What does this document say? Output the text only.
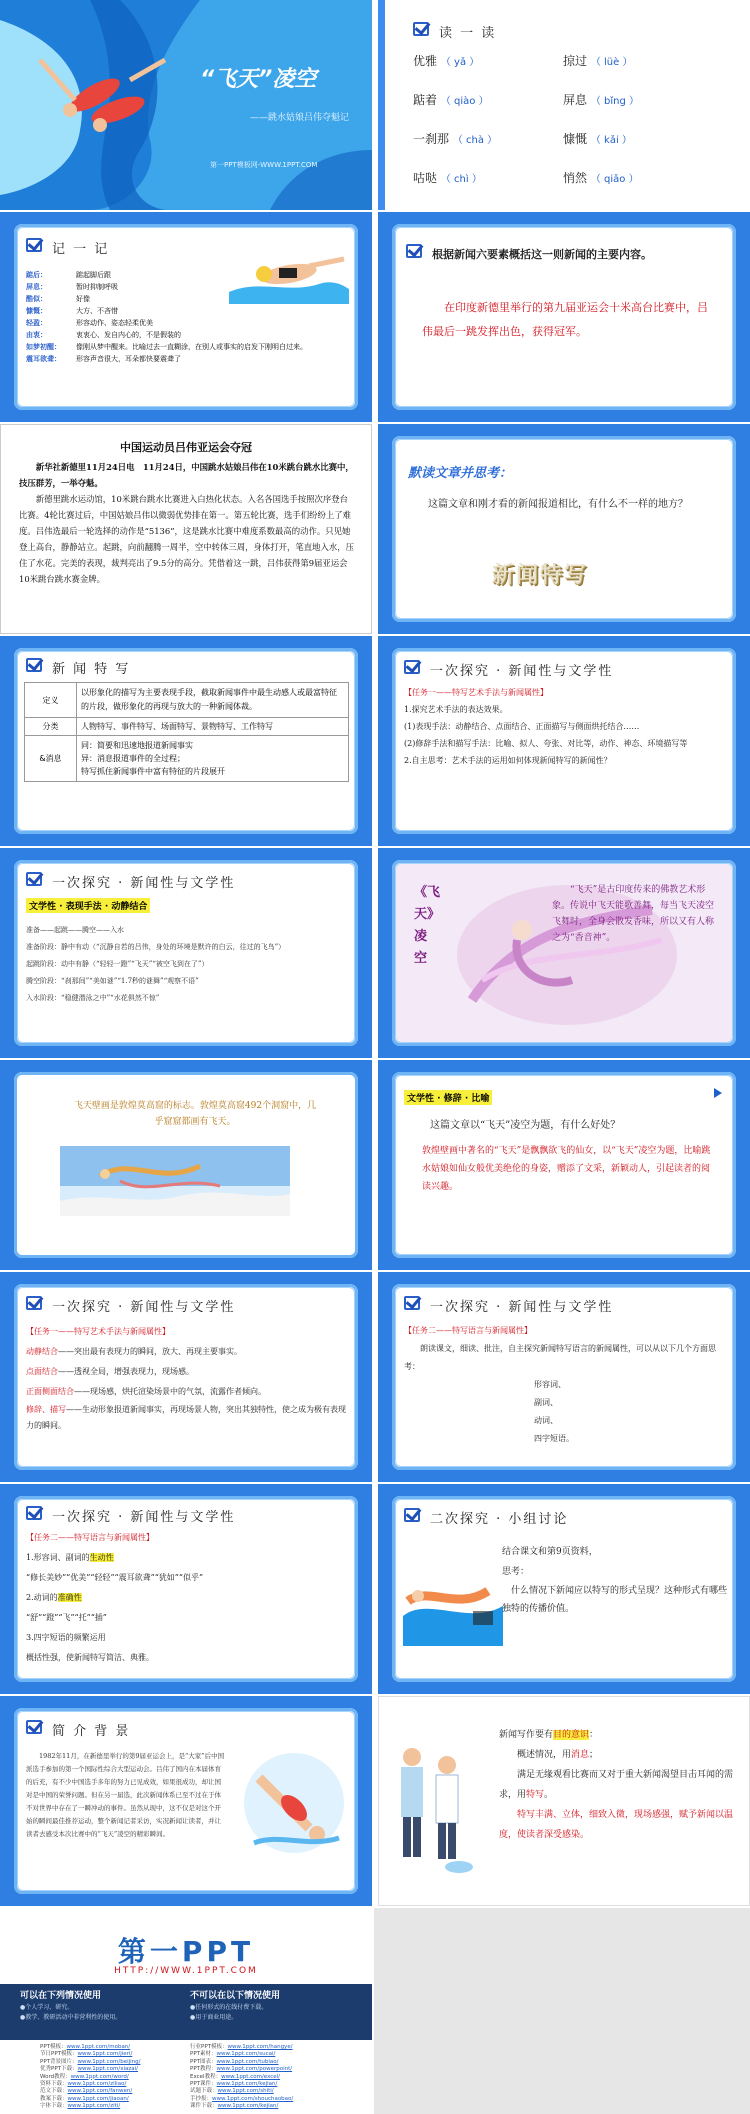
“飞天”凌空
——跳水姑娘吕伟夺魁记
第一PPT模板网-WWW.1PPT.COM
读 一 读
优雅 （ yǎ ）	掠过 （ lüè ）
踮着 （ qiào ）	屏息 （ bǐng ）
一刹那 （ chà ）	慷慨 （ kǎi ）
咕哒 （ chì ）	悄然 （ qiǎo ）
记 一 记
踮后：	踮起脚后跟
屏息：	暂时抑制呼吸
酷似：	好像
慷慨：	大方、不吝惜
轻盈：	形容动作、姿态轻柔优美
由衷：	衷衷心、发自内心的，不是假装的
如梦初醒：	像刚从梦中醒来。比喻过去一直糊涂，在别人或事实的启发下刚明白过来。
震耳欲聋：	形容声音很大，耳朵都快要震聋了
根据新闻六要素概括这一则新闻的主要内容。
在印度新德里举行的第九届亚运会十米高台比赛中，吕伟最后一跳发挥出色，获得冠军。
中国运动员吕伟亚运会夺冠

新华社新德里11月24日电　11月24日，中国跳水姑娘吕伟在10米跳台跳水比赛中，技压群芳，一举夺魁。

新德里跳水运动馆，10米跳台跳水比赛进入白热化状态。入名各国选手按照次序登台比赛。4轮比赛过后，中国姑娘吕伟以微弱优势排在第一。第五轮比赛，选手们纷纷上了难度。吕伟选最后一轮选择的动作是“5136”，这是跳水比赛中难度系数最高的动作。只见她登上高台，静静站立。起跳，向前翻腾一周半，空中转体三周，身体打开，笔直地入水，压住了水花。完美的表现，裁判亮出了9.5分的高分。凭借着这一跳，吕伟获得第9届亚运会10米跳台跳水赛金牌。

默读文章并思考：
这篇文章和刚才看的新闻报道相比，有什么不一样的地方？
新闻特写
新 闻 特 写
定义	以形象化的描写为主要表现手段，截取新闻事件中最生动感人或最富特征的片段，做形象化的再现与放大的一种新闻体裁。
分类	人物特写、事件特写、场面特写、景物特写、工作特写
&消息	同：简要和迅速地报道新闻事实
异：消息报道事件的全过程；
特写抓住新闻事件中富有特征的片段展开
一次探究 · 新闻性与文学性
【任务一——特写艺术手法与新闻属性】
1.探究艺术手法的表达效果。
(1)表现手法：动静结合、点面结合、正面描写与侧面烘托结合……
(2)修辞手法和描写手法：比喻、拟人、夸张、对比等，动作、神态、环境描写等
2.自主思考：艺术手法的运用如何体现新闻特写的新闻性？
一次探究 · 新闻性与文学性
文学性 · 表现手法 · 动静结合
准备——起跳——腾空——入水
准备阶段：静中有动（“沉静自若的吕伟，身处的环境是默许的白云，往过的飞鸟”）
起跳阶段：动中有静（“轻轻一蹬”“飞天”“被空飞到在了”）
腾空阶段：“刹那间”“美如谜”“1.7秒的谜舞”“观察不语”
入水阶段：“稳健潜泳之中”“水花俱然不惊”
《飞天》凌空
“飞天”是古印度传来的佛教艺术形象。传说中飞天能歌善舞，每当飞天凌空飞舞时，全身会散发香味，所以又有人称之为“香音神”。
飞天壁画是敦煌莫高窟的标志。敦煌莫高窟492个洞窟中，几乎窟窟都画有飞天。
文学性 · 修辞 · 比喻
这篇文章以“飞天”凌空为题，有什么好处？
敦煌壁画中著名的“飞天”是飘飘欲飞的仙女，以“飞天”凌空为题，比喻跳水姑娘如仙女般优美绝伦的身姿，赠添了文采，新颖动人，引起读者的阅读兴趣。
一次探究 · 新闻性与文学性
【任务一——特写艺术手法与新闻属性】
动静结合——突出最有表现力的瞬间，放大、再现主要事实。
点面结合——透视全局，增强表现力，现场感。
正面侧面结合——现场感，烘托渲染场景中的气氛，流露作者倾向。
修辞、描写——生动形象报道新闻事实，再现场景人物，突出其独特性，使之成为极有表现力的瞬间。
一次探究 · 新闻性与文学性
【任务二——特写语言与新闻属性】
朗读课文，细读、批注，自主探究新闻特写语言的新闻属性，可以从以下几个方面思考：
形容词、
副词、
动词、
四字短语。
一次探究 · 新闻性与文学性
【任务二——特写语言与新闻属性】
1.形容词、副词的生动性
“修长美妙”“优美”“轻轻”“震耳欲聋”“犹如”“似乎”
2.动词的准确性
“舒”“蹬”“飞”“托”“插”
3.四字短语的频繁运用
概括性强，使新闻特写简洁、典雅。
二次探究 · 小组讨论
结合课文和第9页资料，
思考：
什么情况下新闻应以特写的形式呈现？这种形式有哪些独特的传播价值。
简 介 背 景
1982年11月，在新德里举行的第9届亚运会上，是“大家”后中国派选手参加的第一个国际性综合大型运动会。吕伟了国内在本届体育的后充，有不少中国选手多年的努力已见成效，如果很成功，却让国对是中国的荣誉问题。但在另一届选，此次新闻体系已至不过在于体不对世界中存在了一瞬冲动的事件。虽然从现中，这不仅是对这个开始的瞬间最佳推荐运动，整个新闻记者采访，实况新闻让读者，并让读者去感受本次比赛中的“飞天”凌空的精彩瞬间。
新闻写作要有目的意识：
概述情况，用消息；
满足无缘观看比赛而又对于重大新闻渴望目击耳闻的需求，用特写。
特写丰满、立体，细致入微，现场感强，赋予新闻以温度，使读者深受感染。
第一PPT
HTTP://WWW.1PPT.COM
可以在下列情况使用
●个人学习、研究。
●教学、教研活动中非营利性的使用。
不可以在以下情况使用
●任何形式的在线付费下载。
●用于商业用途。
PPT模板：www.1ppt.com/moban/
节日PPT模板：www.1ppt.com/jieri/
PPT背景图片：www.1ppt.com/beijing/
优秀PPT下载：www.1ppt.com/xiazai/
Word教程：www.1ppt.com/word/
资料下载：www.1ppt.com/ziliao/
范文下载：www.1ppt.com/fanwen/
教案下载：www.1ppt.com/jiaoan/
字体下载：www.1ppt.com/ziti/
行业PPT模板：www.1ppt.com/hangye/
PPT素材：www.1ppt.com/sucai/
PPT图表：www.1ppt.com/tubiao/
PPT教程：www.1ppt.com/powerpoint/
Excel教程：www.1ppt.com/excel/
PPT课件：www.1ppt.com/kejian/
试题下载：www.1ppt.com/shiti/
手抄报：www.1ppt.com/shouchaobao/
课件下载：www.1ppt.com/kejian/
